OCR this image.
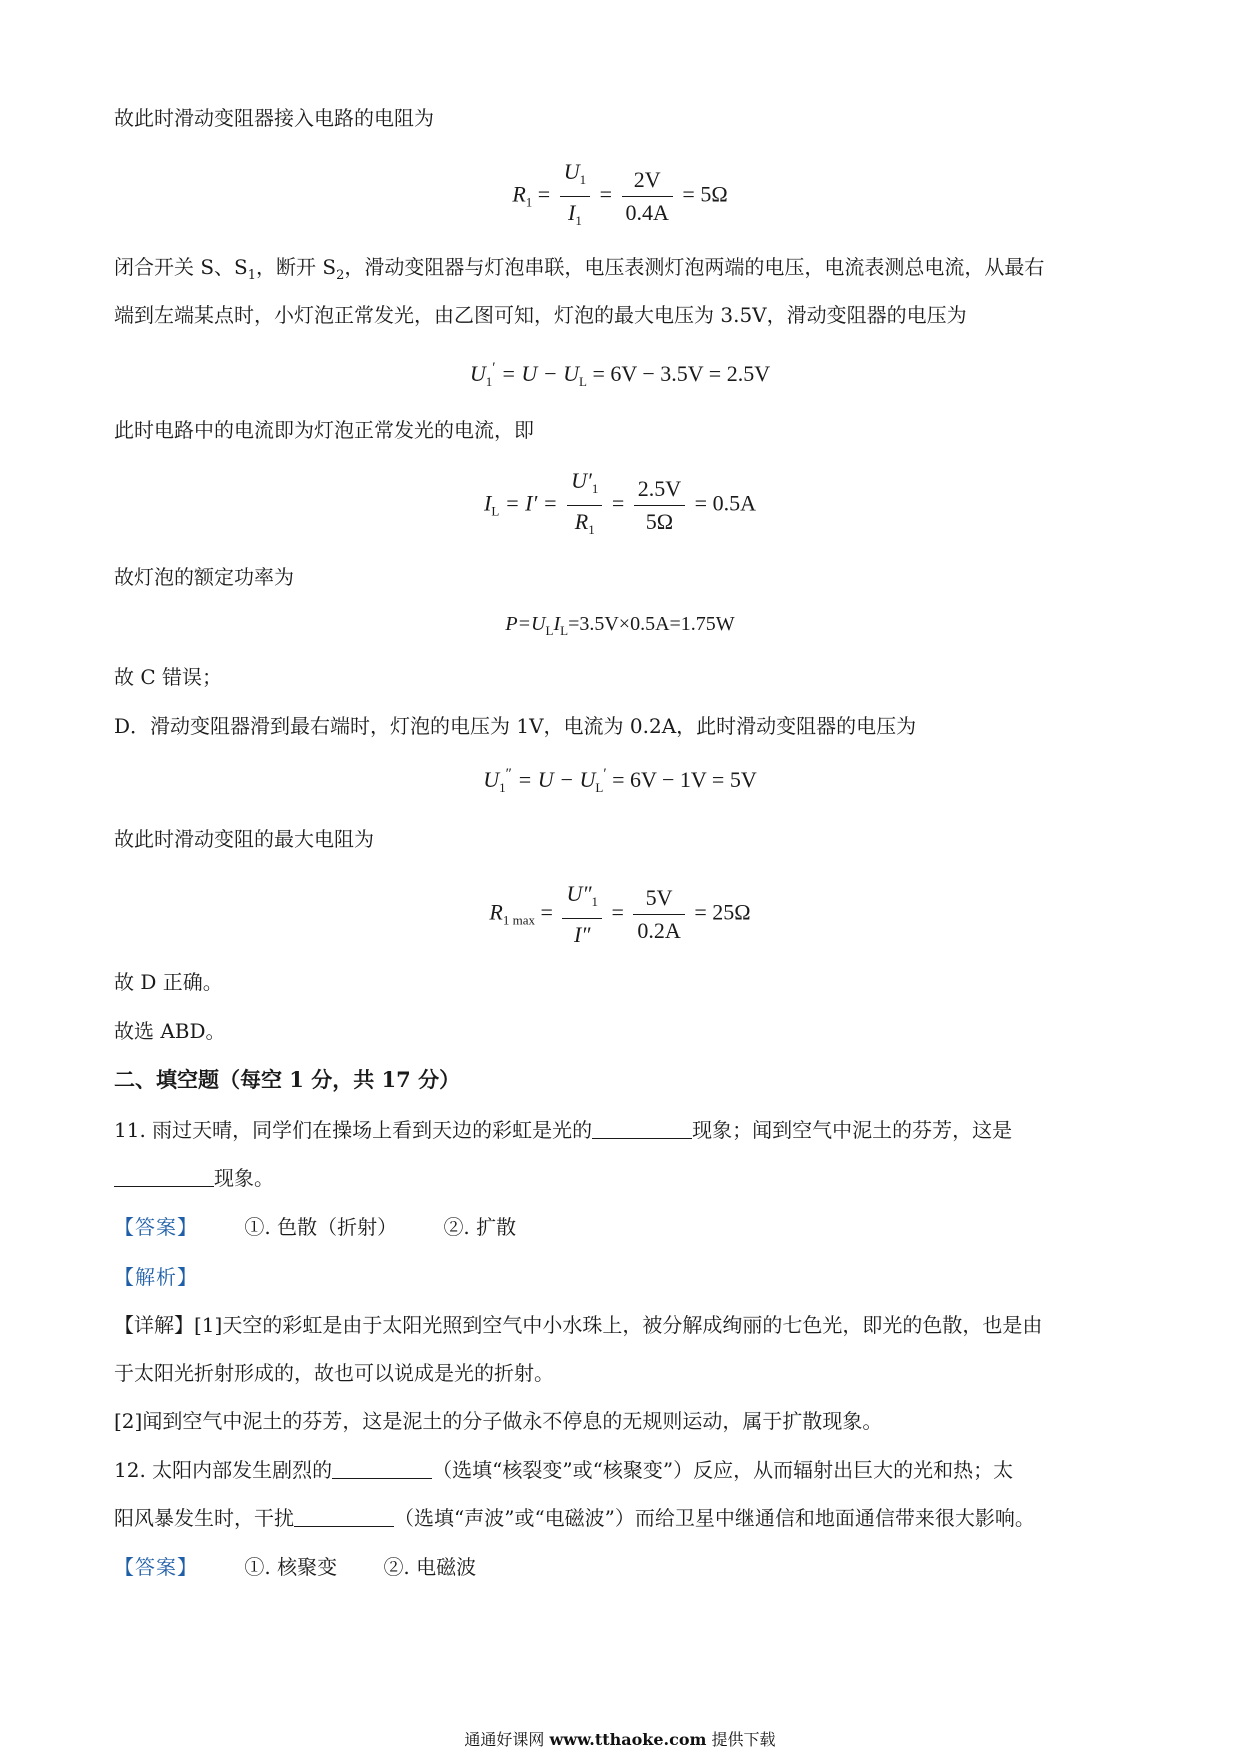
故此时滑动变阻器接入电路的电阻为
$R_1 = \frac{U_1}{I_1} = \frac{2V}{0.4A} = 5\Omega$
闭合开关 S、$S_1$，断开 $S_2$，滑动变阻器与灯泡串联，电压表测灯泡两端的电压，电流表测总电流，从最右
端到左端某点时，小灯泡正常发光，由乙图可知，灯泡的最大电压为 3.5V，滑动变阻器的电压为
$U_1' = U - U_L = 6V - 3.5V = 2.5V$
此时电路中的电流即为灯泡正常发光的电流，即
$I_L = I' = \frac{U'_1}{R_1} = \frac{2.5V}{5\Omega} = 0.5A$
故灯泡的额定功率为
$P=U_LI_L=3.5V\times 0.5A=1.75W$
故 C 错误；
D．滑动变阻器滑到最右端时，灯泡的电压为 1V，电流为 0.2A，此时滑动变阻器的电压为
$U_1'' = U - U_L' = 6V - 1V = 5V$
故此时滑动变阻的最大电阻为
$R_{1 max} = \frac{U''_1}{I''} = \frac{5V}{0.2A} = 25\Omega$
故 D 正确。
故选 ABD。
二、填空题（每空 1 分，共 17 分）
11. 雨过天晴，同学们在操场上看到天边的彩虹是光的	现象；闻到空气中泥土的芬芳，这是
现象。
【答案】 ①. 色散（折射） ②. 扩散
【解析】
【详解】[1]天空的彩虹是由于太阳光照到空气中小水珠上，被分解成绚丽的七色光，即光的色散，也是由
于太阳光折射形成的，故也可以说成是光的折射。
[2]闻到空气中泥土的芬芳，这是泥土的分子做永不停息的无规则运动，属于扩散现象。
12. 太阳内部发生剧烈的	（选填“核裂变”或“核聚变”）反应，从而辐射出巨大的光和热；太
阳风暴发生时，干扰	（选填“声波”或“电磁波”）而给卫星中继通信和地面通信带来很大影响。
【答案】 ①. 核聚变 ②. 电磁波
通通好课网 www.tthaoke.com 提供下载
